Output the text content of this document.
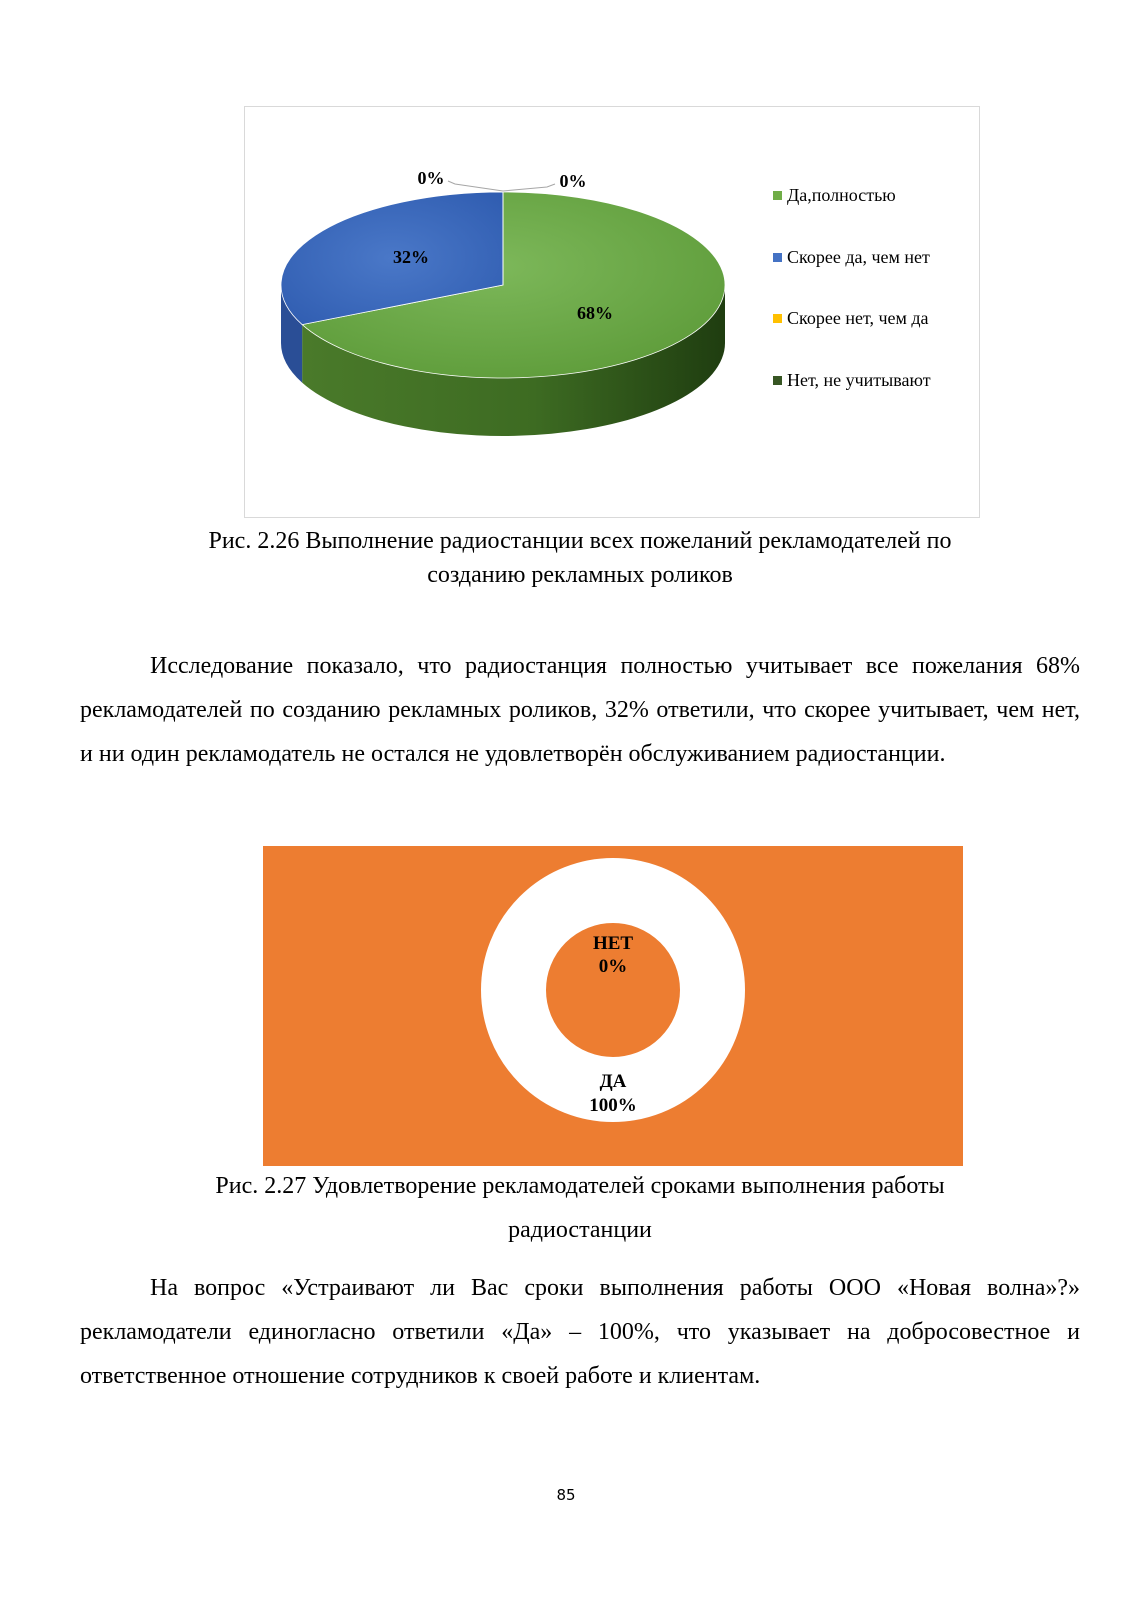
68%
32%
0%
0%
Да,полностью
Скорее да, чем нет
Скорее нет, чем да
Нет, не учитывают
Рис. 2.26 Выполнение радиостанции всех пожеланий рекламодателей по
созданию рекламных роликов
Исследование показало, что радиостанция полностью учитывает все пожелания 68% рекламодателей по созданию рекламных роликов, 32% ответили, что скорее учитывает, чем нет, и ни один рекламодатель не остался не удовлетворён обслуживанием радиостанции.
НЕТ
0%
ДА
100%
Рис. 2.27 Удовлетворение рекламодателей сроками выполнения работы
радиостанции
На вопрос «Устраивают ли Вас сроки выполнения работы ООО «Новая волна»?» рекламодатели единогласно ответили «Да» – 100%, что указывает на добросовестное и ответственное отношение сотрудников к своей работе и клиентам.
85
